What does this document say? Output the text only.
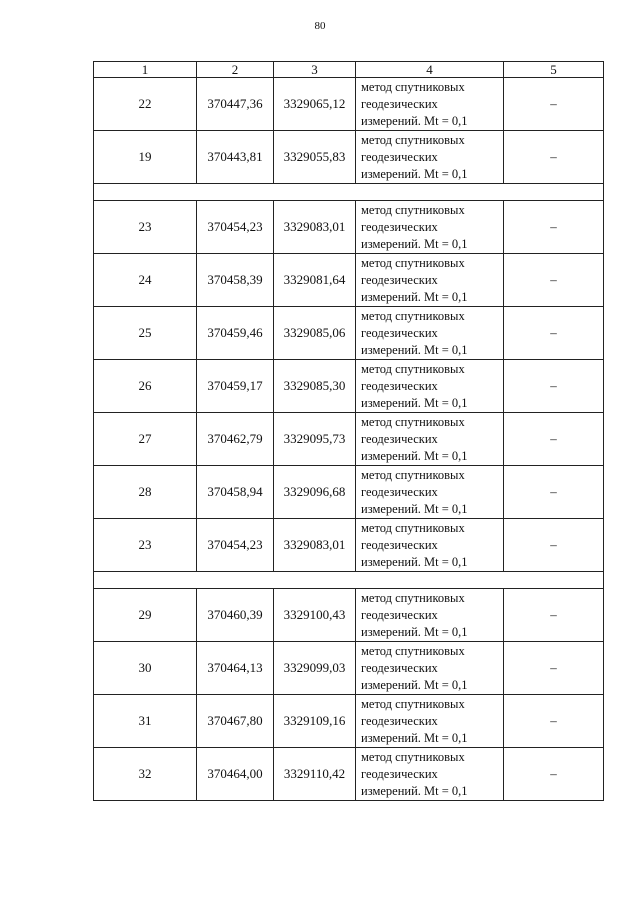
80
1	2	3	4	5
22	370447,36	3329065,12	метод спутниковых
геодезических
измерений. Mt = 0,1	–
19	370443,81	3329055,83	метод спутниковых
геодезических
измерений. Mt = 0,1	–

23	370454,23	3329083,01	метод спутниковых
геодезических
измерений. Mt = 0,1	–
24	370458,39	3329081,64	метод спутниковых
геодезических
измерений. Mt = 0,1	–
25	370459,46	3329085,06	метод спутниковых
геодезических
измерений. Mt = 0,1	–
26	370459,17	3329085,30	метод спутниковых
геодезических
измерений. Mt = 0,1	–
27	370462,79	3329095,73	метод спутниковых
геодезических
измерений. Mt = 0,1	–
28	370458,94	3329096,68	метод спутниковых
геодезических
измерений. Mt = 0,1	–
23	370454,23	3329083,01	метод спутниковых
геодезических
измерений. Mt = 0,1	–

29	370460,39	3329100,43	метод спутниковых
геодезических
измерений. Mt = 0,1	–
30	370464,13	3329099,03	метод спутниковых
геодезических
измерений. Mt = 0,1	–
31	370467,80	3329109,16	метод спутниковых
геодезических
измерений. Mt = 0,1	–
32	370464,00	3329110,42	метод спутниковых
геодезических
измерений. Mt = 0,1	–
